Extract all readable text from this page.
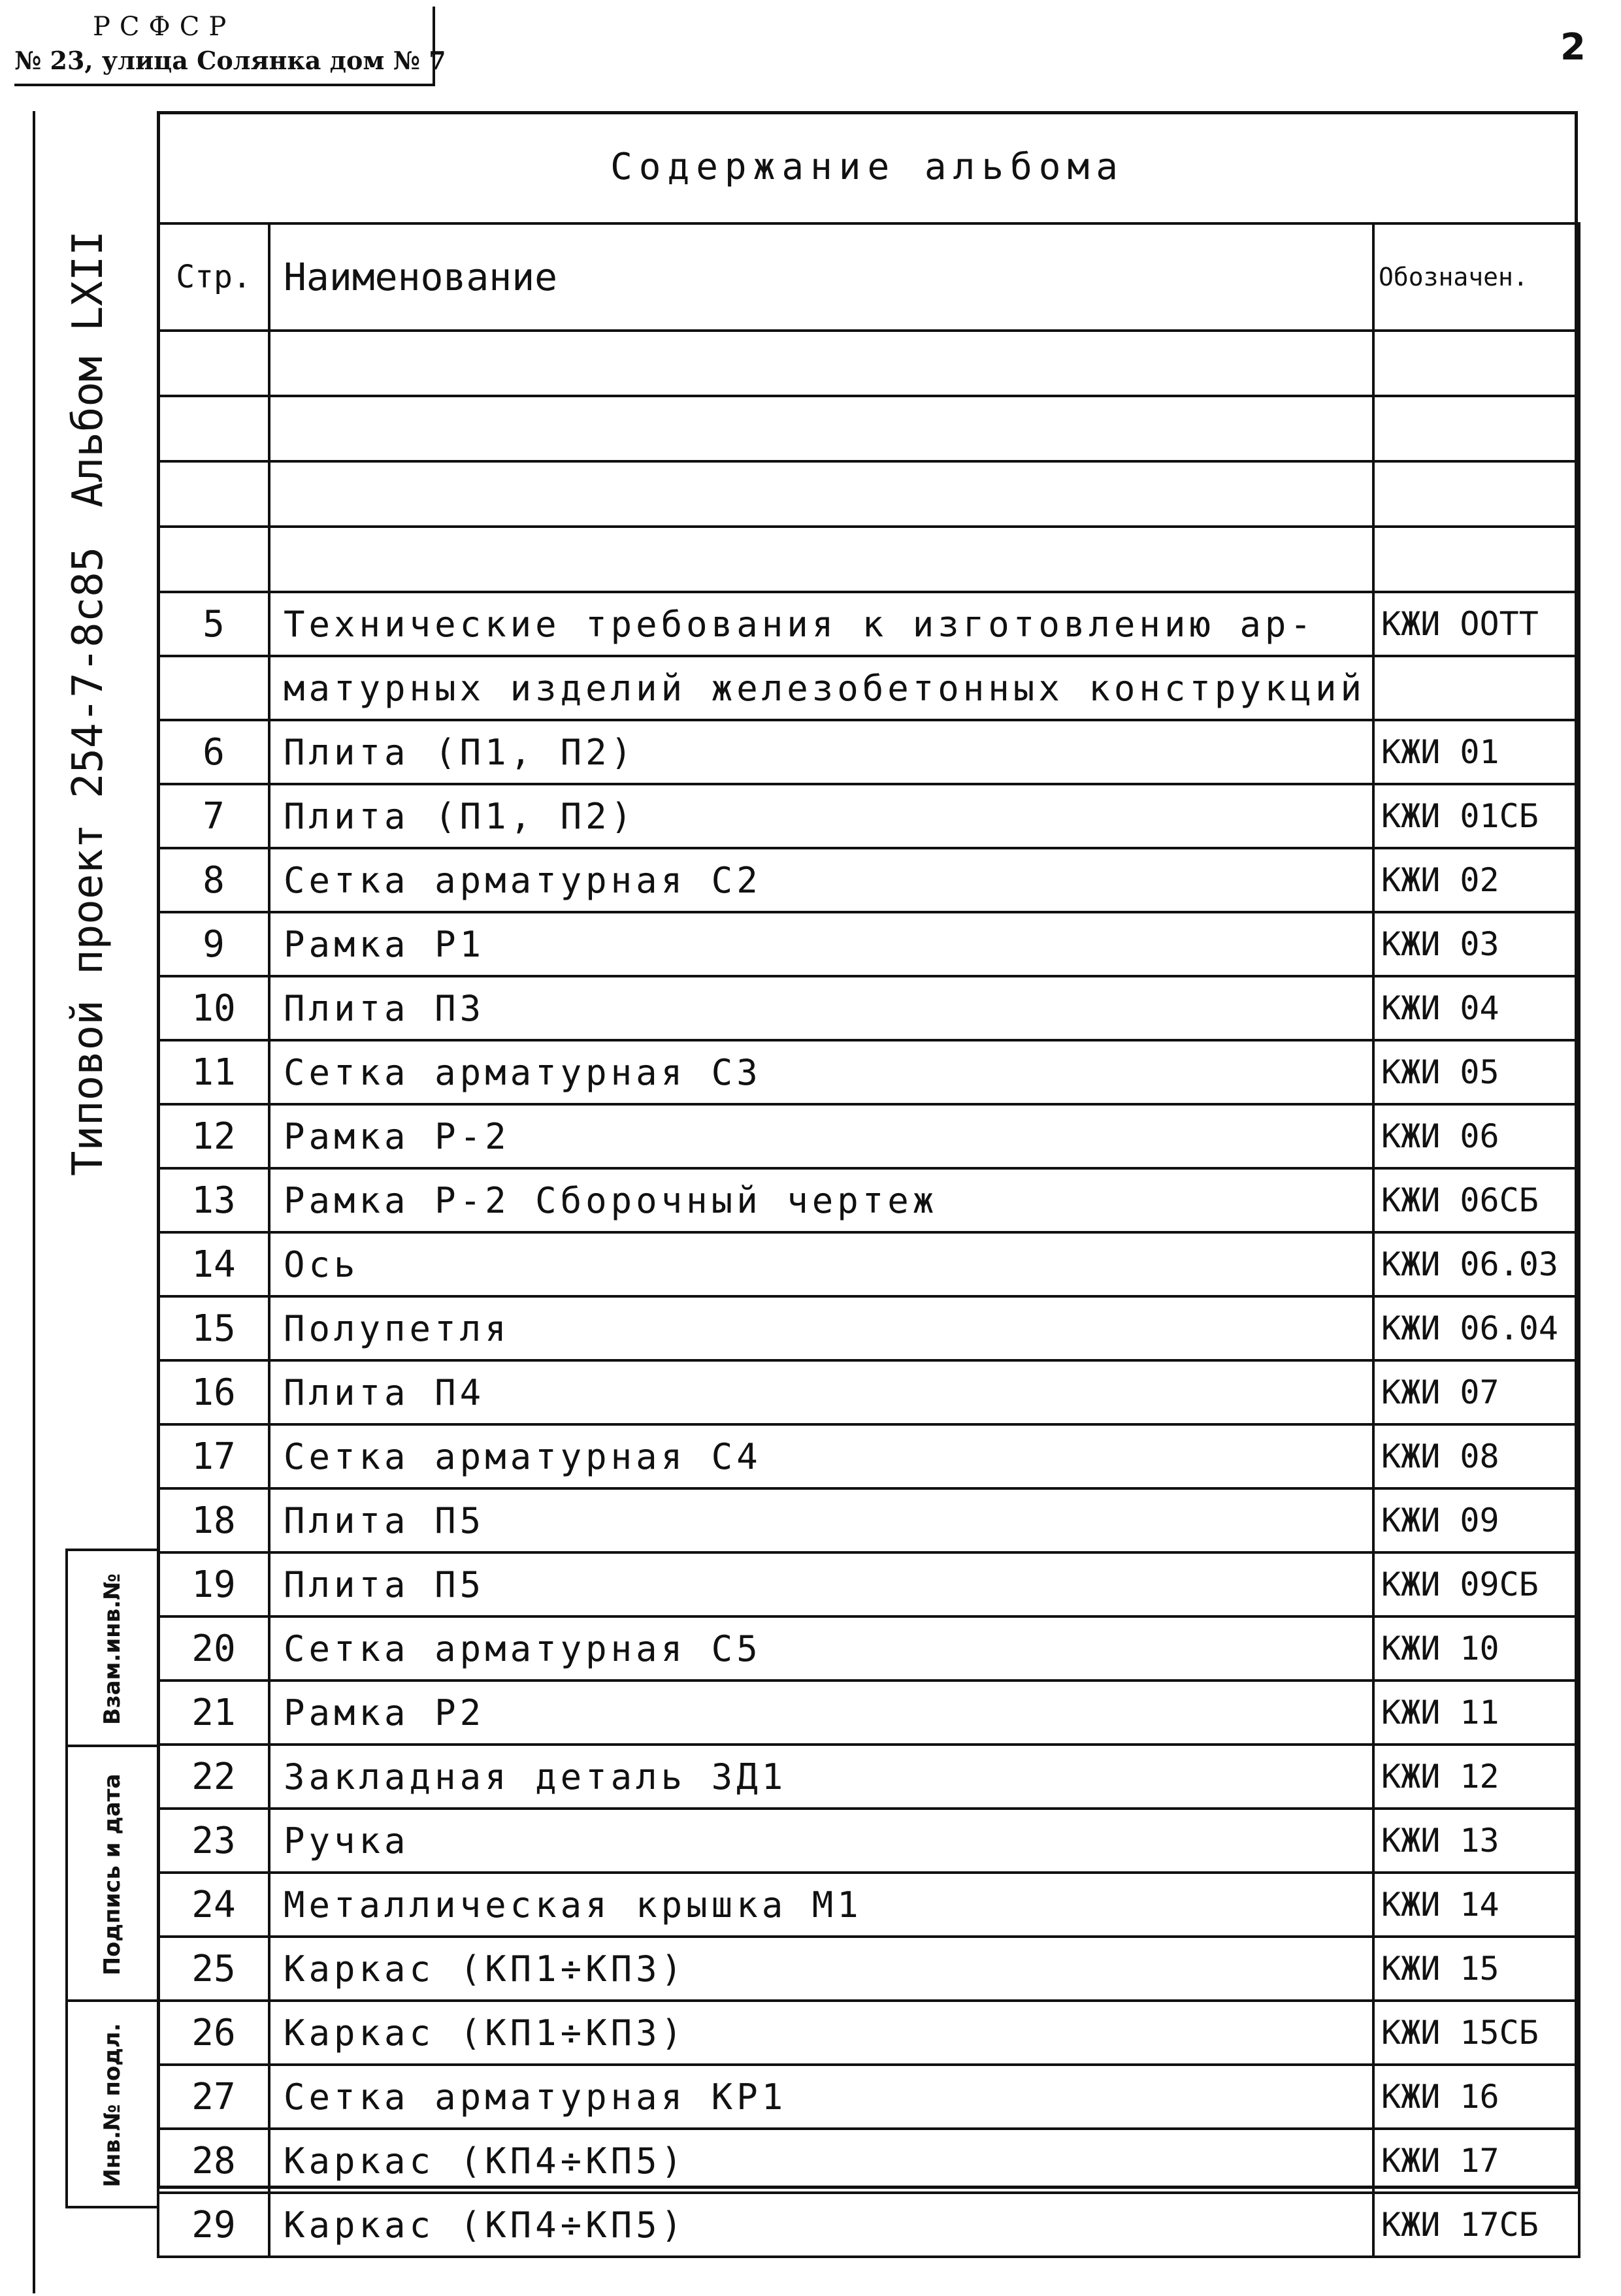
РСФСР
№ 23, улица Солянка дом № 7	2
Типовой проект 254-7-8с85
Альбом LXII
Взам.инв.№
Подпись и дата
Инв.№ подл.
Содержание альбома
Стр.	Наименование	Обозначен.

5	Технические требования к изготовлению ар-	КЖИ ООТТ
	матурных изделий железобетонных конструкций	
6	Плита (П1, П2)	КЖИ 01
7	Плита (П1, П2)	КЖИ 01СБ
8	Сетка арматурная С2	КЖИ 02
9	Рамка Р1	КЖИ 03
10	Плита П3	КЖИ 04
11	Сетка арматурная С3	КЖИ 05
12	Рамка Р-2	КЖИ 06
13	Рамка Р-2 Сборочный чертеж	КЖИ 06СБ
14	Ось	КЖИ 06.03
15	Полупетля	КЖИ 06.04
16	Плита П4	КЖИ 07
17	Сетка арматурная С4	КЖИ 08
18	Плита П5	КЖИ 09
19	Плита П5	КЖИ 09СБ
20	Сетка арматурная С5	КЖИ 10
21	Рамка Р2	КЖИ 11
22	Закладная деталь ЗД1	КЖИ 12
23	Ручка	КЖИ 13
24	Металлическая крышка М1	КЖИ 14
25	Каркас (КП1÷КП3)	КЖИ 15
26	Каркас (КП1÷КП3)	КЖИ 15СБ
27	Сетка арматурная КР1	КЖИ 16
28	Каркас (КП4÷КП5)	КЖИ 17
29	Каркас (КП4÷КП5)	КЖИ 17СБ
